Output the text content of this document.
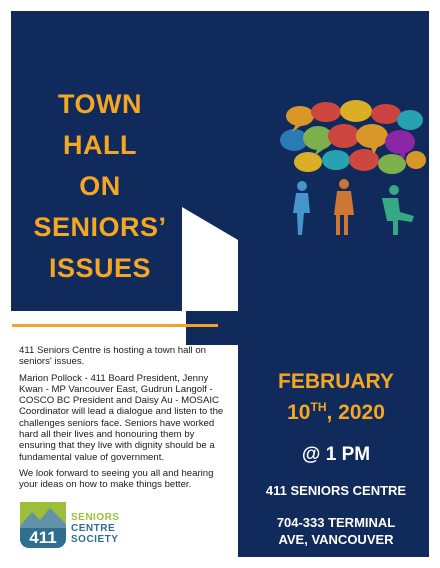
TOWN
HALL
ON
SENIORS’
ISSUES

411 Seniors Centre is hosting a town hall on seniors' issues.

Marion Pollock - 411 Board President, Jenny Kwan - MP Vancouver East, Gudrun Langolf - COSCO BC President and Daisy Au - MOSAIC Coordinator will lead a dialogue and listen to the challenges seniors face. Seniors have worked hard all their lives and honouring them by ensuring that they live with dignity should be a fundamental value of government.

We look forward to seeing you all and hearing your ideas on how to make things better.

411
SENIORS
CENTRE
SOCIETY
FEBRUARY
10TH, 2020
@ 1 PM
411 SENIORS CENTRE
704-333 TERMINAL
AVE, VANCOUVER
